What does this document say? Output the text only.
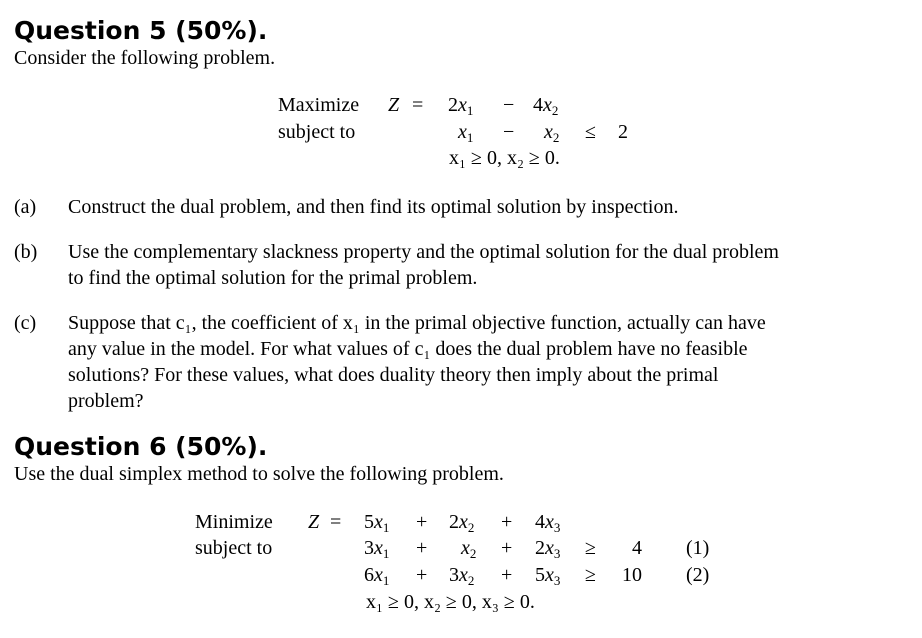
Question 5 (50%).
Consider the following problem.
Maximize
subject to
$Z = 2x_1 - 4x_2$
$x_1 - x_2 \le 2$
x₁ ≥ 0, x₂ ≥ 0.
(a) Construct the dual problem, and then find its optimal solution by inspection.
(b) Use the complementary slackness property and the optimal solution for the dual problem
to find the optimal solution for the primal problem.
(c) Suppose that c₁, the coefficient of x₁ in the primal objective function, actually can have
any value in the model. For what values of c₁ does the dual problem have no feasible
solutions? For these values, what does duality theory then imply about the primal
problem?
Question 6 (50%).
Use the dual simplex method to solve the following problem.
Minimize
subject to
$Z = 5x_1 + 2x_2 + 4x_3$
$3x_1 + x_2 + 2x_3 \ge 4$ (1)
$6x_1 + 3x_2 + 5x_3 \ge 10$ (2)
x₁ ≥ 0, x₂ ≥ 0, x₃ ≥ 0.
